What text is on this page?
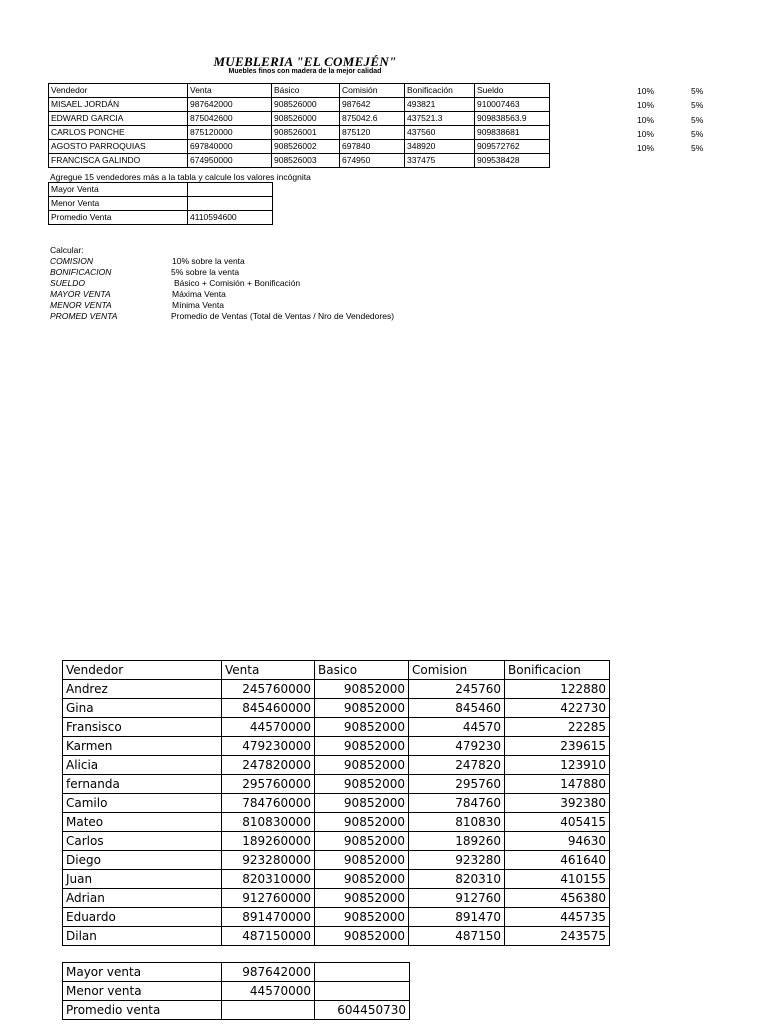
MUEBLERIA "EL COMEJÉN"
Muebles finos con madera de la mejor calidad
Vendedor	Venta	Básico	Comisión	Bonificación	Sueldo
MISAEL JORDÁN	987642000	908526000	987642	493821	910007463
EDWARD GARCIA	875042600	908526000	875042.6	437521.3	909838563.9
CARLOS PONCHE	875120000	908526001	875120	437560	909838681
AGOSTO PARROQUIAS	697840000	908526002	697840	348920	909572762
FRANCISCA GALINDO	674950000	908526003	674950	337475	909538428
10%	5%
10%	5%
10%	5%
10%	5%
10%	5%
Agregue 15 vendedores más a la tabla y calcule los valores incógnita
Mayor Venta	
Menor Venta	
Promedio Venta	4110594600
Calcular:
COMISION	10% sobre la venta
BONIFICACION	5% sobre la venta
SUELDO	Básico + Comisión + Bonificación
MAYOR VENTA	Máxima Venta
MENOR VENTA	Mínima Venta
PROMED VENTA	Promedio de Ventas (Total de Ventas / Nro de Vendedores)
Vendedor	Venta	Basico	Comision	Bonificacion
Andrez	245760000	90852000	245760	122880
Gina	845460000	90852000	845460	422730
Fransisco	44570000	90852000	44570	22285
Karmen	479230000	90852000	479230	239615
Alicia	247820000	90852000	247820	123910
fernanda	295760000	90852000	295760	147880
Camilo	784760000	90852000	784760	392380
Mateo	810830000	90852000	810830	405415
Carlos	189260000	90852000	189260	94630
Diego	923280000	90852000	923280	461640
Juan	820310000	90852000	820310	410155
Adrian	912760000	90852000	912760	456380
Eduardo	891470000	90852000	891470	445735
Dilan	487150000	90852000	487150	243575
Mayor venta	987642000	
Menor venta	44570000	
Promedio venta		604450730
